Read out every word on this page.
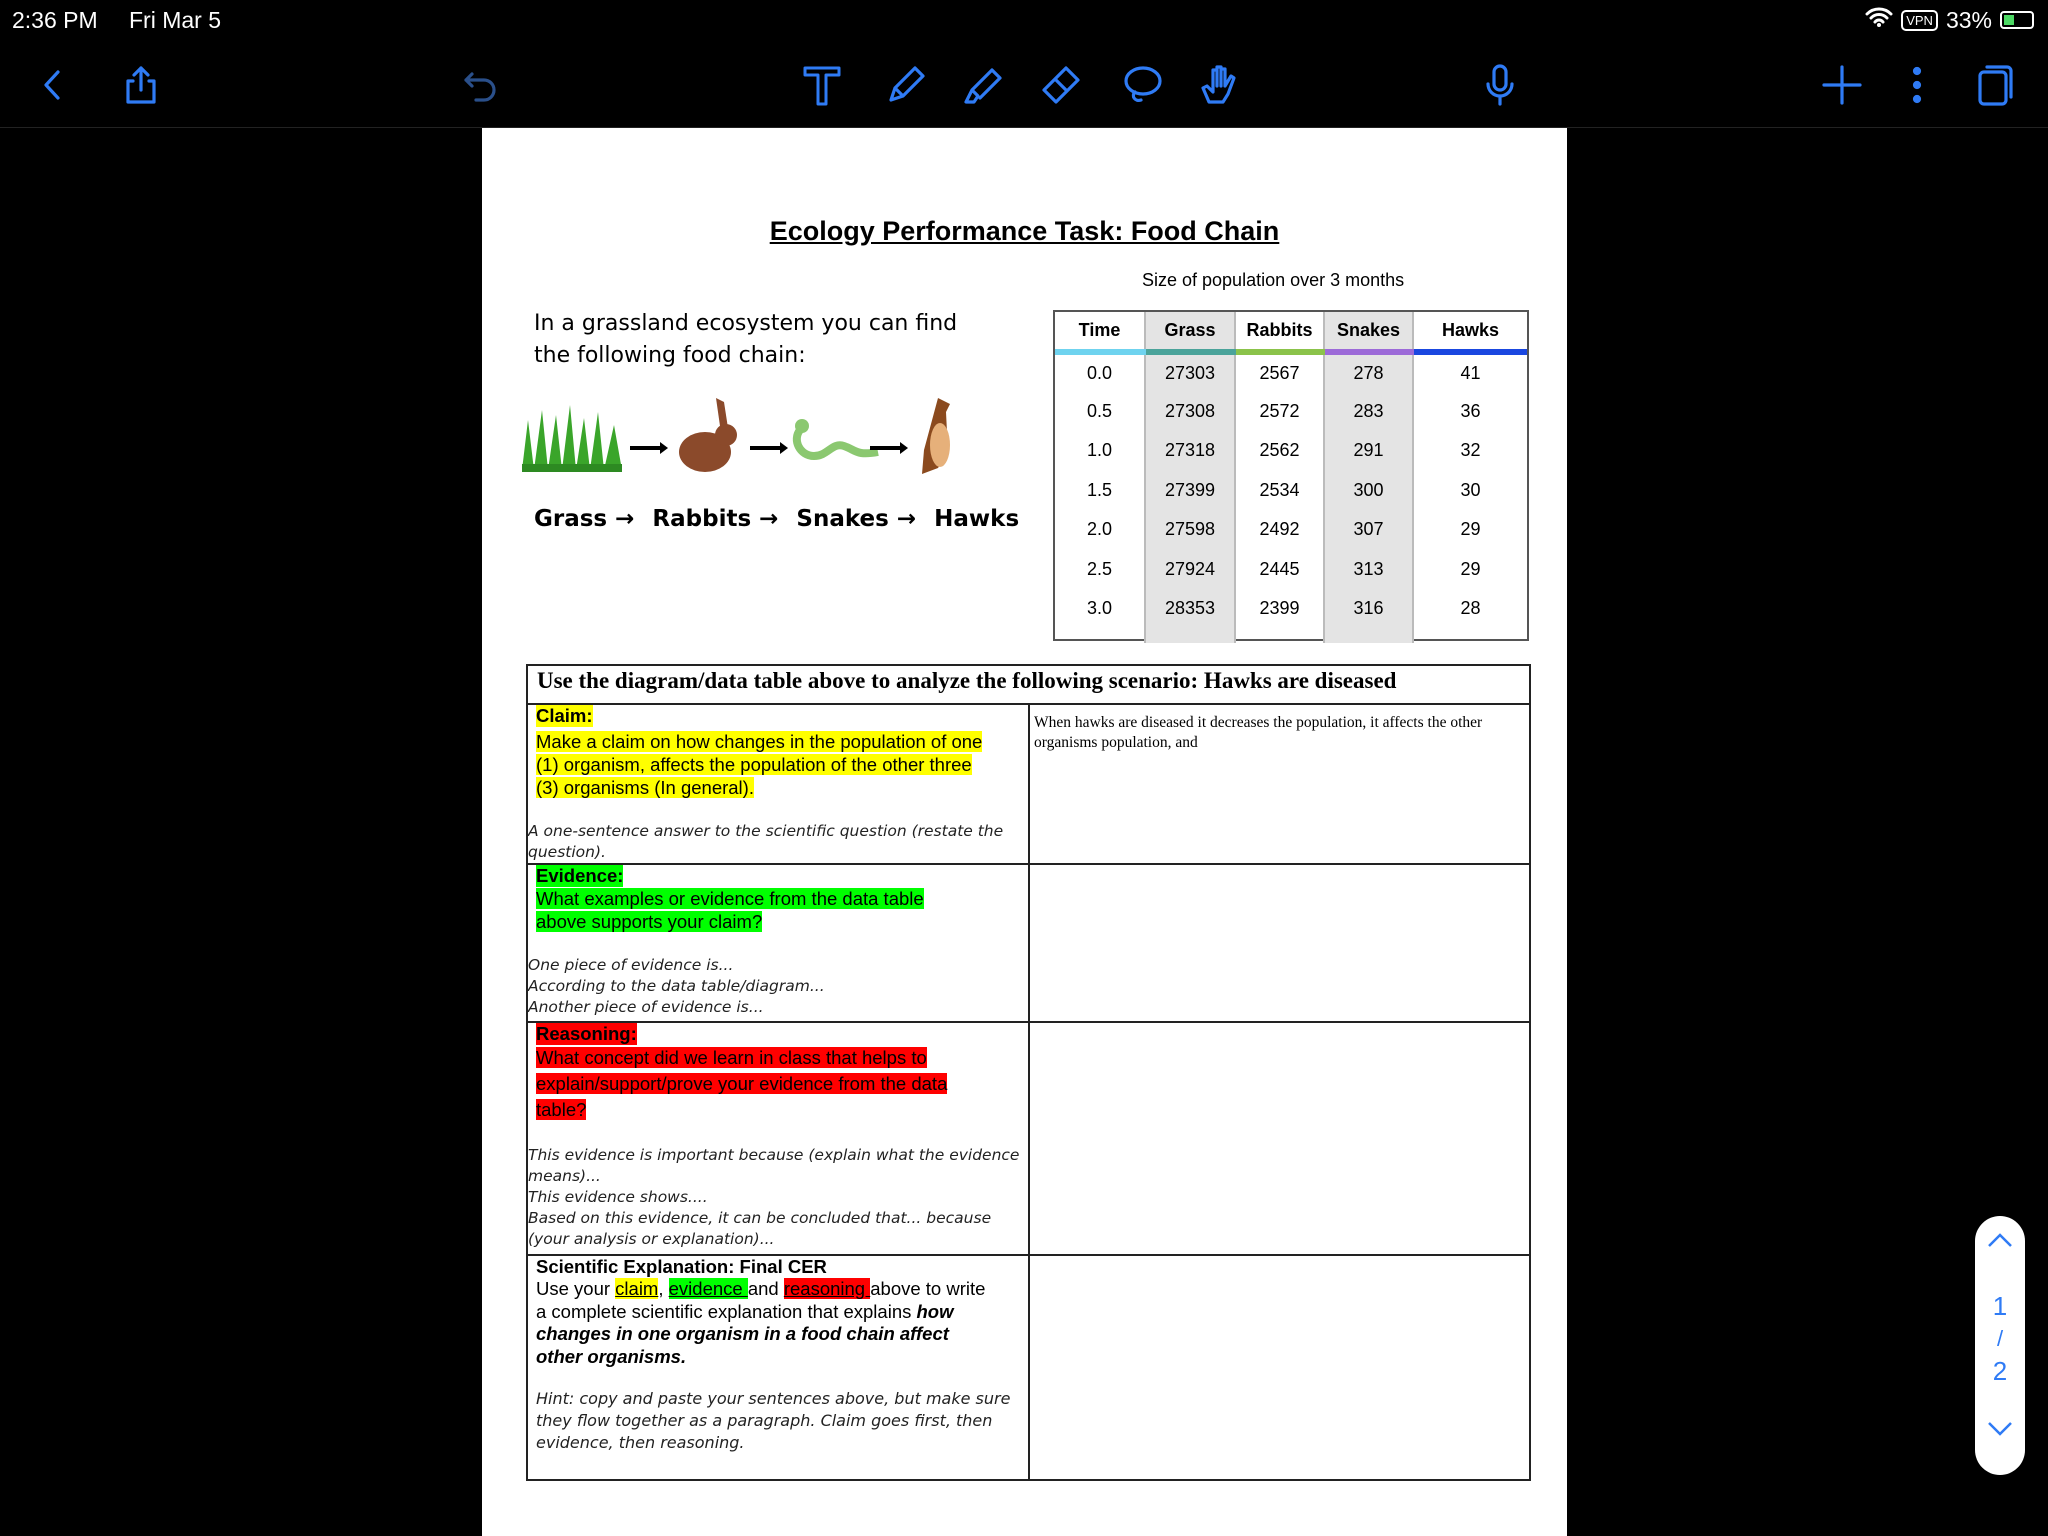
2:36 PM Fri Mar 5	VPN 33%
Ecology Performance Task: Food Chain
Size of population over 3 months
In a grassland ecosystem you can find the following food chain:
Grass → Rabbits → Snakes → Hawks
Time	Grass	Rabbits	Snakes	Hawks
0.0	27303	2567	278	41
0.5	27308	2572	283	36
1.0	27318	2562	291	32
1.5	27399	2534	300	30
2.0	27598	2492	307	29
2.5	27924	2445	313	29
3.0	28353	2399	316	28

Use the diagram/data table above to analyze the following scenario: Hawks are diseased	
Claim:
Make a claim on how changes in the population of one (1) organism, affects the population of the other three (3) organisms (In general).
A one-sentence answer to the scientific question (restate the question).	When hawks are diseased it decreases the population, it affects the other organisms population, and
Evidence:
What examples or evidence from the data table above supports your claim?
One piece of evidence is...
According to the data table/diagram...
Another piece of evidence is...	

Reasoning:
What concept did we learn in class that helps to explain/support/prove your evidence from the data table?
This evidence is important because (explain what the evidence means)...
This evidence shows....
Based on this evidence, it can be concluded that... because (your analysis or explanation)...	

Scientific Explanation: Final CER
Use your claim, evidence and reasoning above to write a complete scientific explanation that explains how changes in one organism in a food chain affect other organisms.
Hint: copy and paste your sentences above, but make sure they flow together as a paragraph. Claim goes first, then evidence, then reasoning.	

1
/
2
